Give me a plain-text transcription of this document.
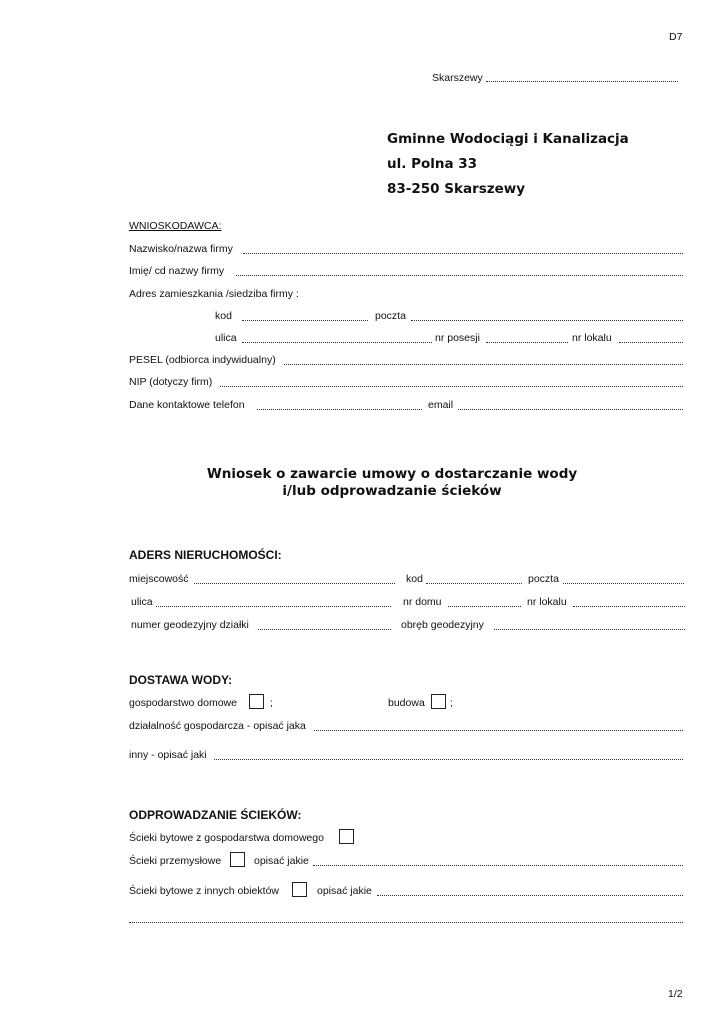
D7
Skarszewy
Gminne Wodociągi i Kanalizacja
ul. Polna 33
83-250 Skarszewy
WNIOSKODAWCA:
Nazwisko/nazwa firmy
Imię/ cd nazwy firmy
Adres zamieszkania /siedziba firmy :
kod	poczta
ulica	nr posesji	nr lokalu
PESEL (odbiorca indywidualny)
NIP (dotyczy firm)
Dane kontaktowe telefon	email
Wniosek o zawarcie umowy o dostarczanie wody
i/lub odprowadzanie ścieków
ADERS NIERUCHOMOŚCI:
miejscowość	kod	poczta
ulica	nr domu	nr lokalu
numer geodezyjny działki	obręb geodezyjny
DOSTAWA WODY:
gospodarstwo domowe	;	budowa ;
działalność gospodarcza - opisać jaka
inny - opisać jaki
ODPROWADZANIE ŚCIEKÓW:
Ścieki bytowe z gospodarstwa domowego
Ścieki przemysłowe	opisać jakie
Ścieki bytowe z innych obiektów	opisać jakie
1/2
